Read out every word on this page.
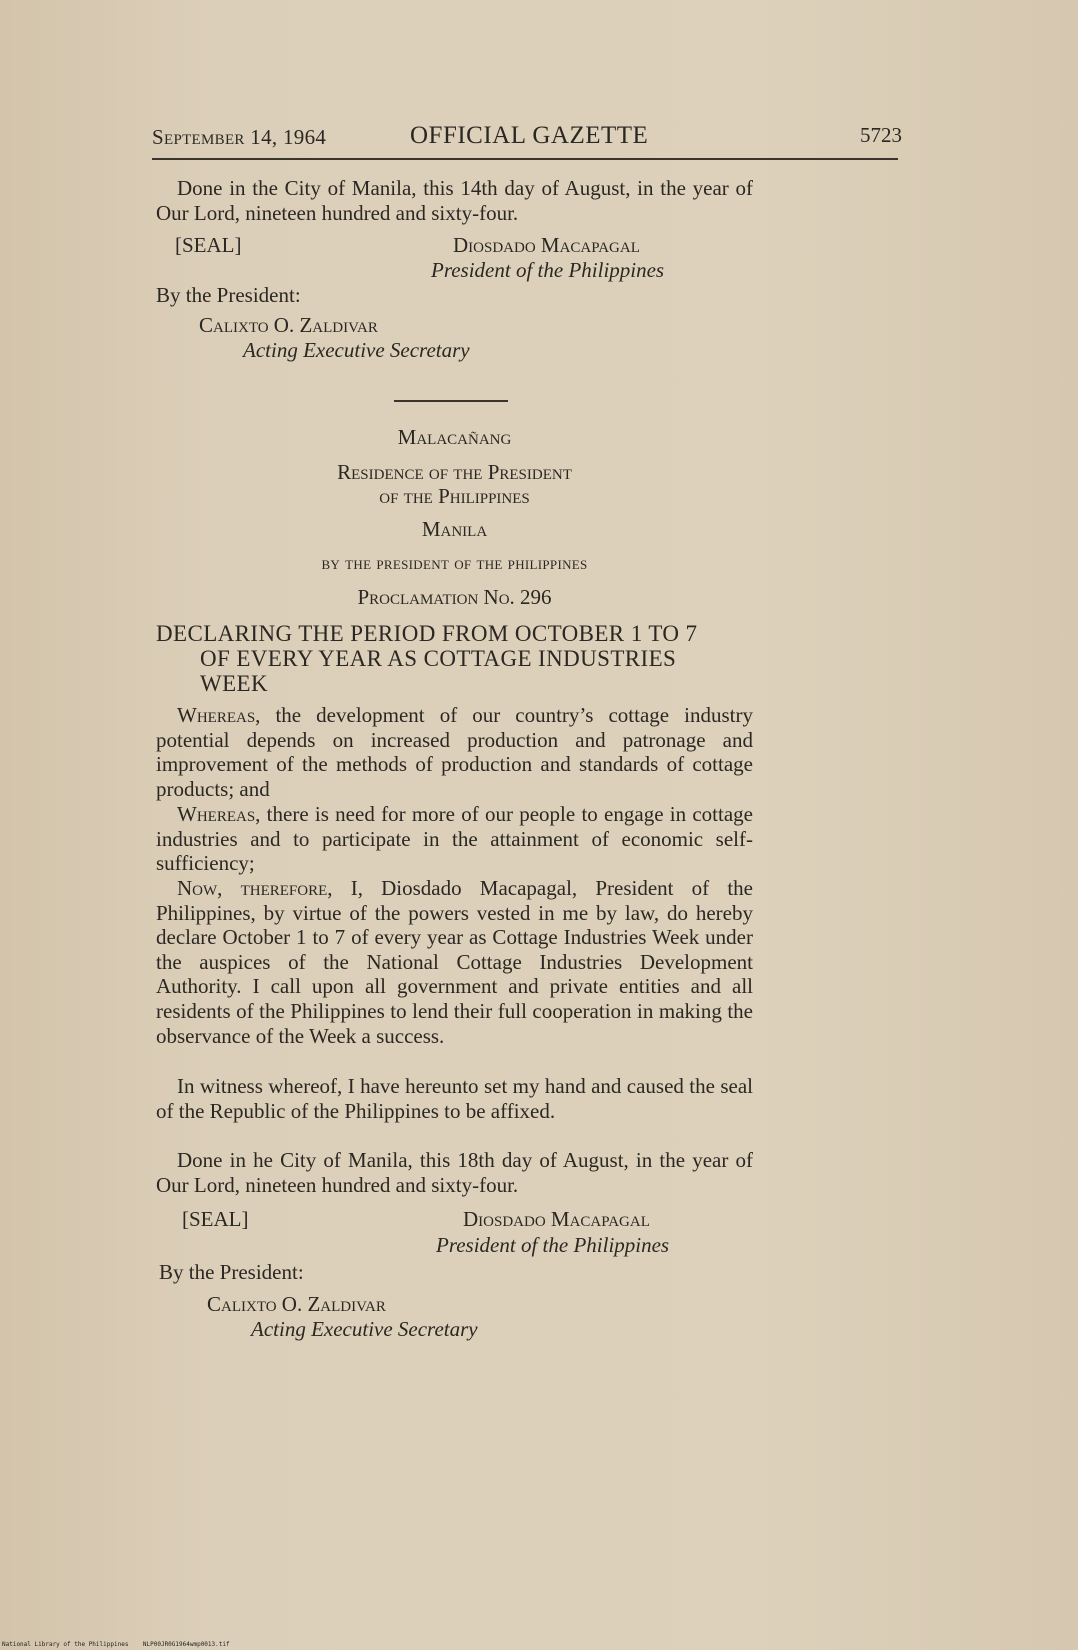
September 14, 1964	OFFICIAL GAZETTE	5723
Done in the City of Manila, this 14th day of August, in the year of Our Lord, nineteen hundred and sixty-four.
[SEAL]	Diosdado Macapagal
President of the Philippines
By the President:
Calixto O. Zaldivar
Acting Executive Secretary
Malacañang
Residence of the President
of the Philippines
Manila
by the president of the philippines
Proclamation No. 296
DECLARING THE PERIOD FROM OCTOBER 1 TO 7
OF EVERY YEAR AS COTTAGE INDUSTRIES
WEEK
Whereas, the development of our country’s cottage industry potential depends on increased production and patronage and improvement of the methods of production and standards of cottage products; and
Whereas, there is need for more of our people to engage in cottage industries and to participate in the attainment of economic self-sufficiency;
Now, therefore, I, Diosdado Macapagal, President of the Philippines, by virtue of the powers vested in me by law, do hereby declare October 1 to 7 of every year as Cottage Industries Week under the auspices of the National Cottage Industries Development Authority. I call upon all government and private entities and all residents of the Philippines to lend their full cooperation in making the observance of the Week a success.
In witness whereof, I have hereunto set my hand and caused the seal of the Republic of the Philippines to be affixed.
Done in he City of Manila, this 18th day of August, in the year of Our Lord, nineteen hundred and sixty-four.
[SEAL]	Diosdado Macapagal
President of the Philippines
By the President:
Calixto O. Zaldivar
Acting Executive Secretary
National Library of the Philippines NLP00JR0G1964wmp0013.tif
